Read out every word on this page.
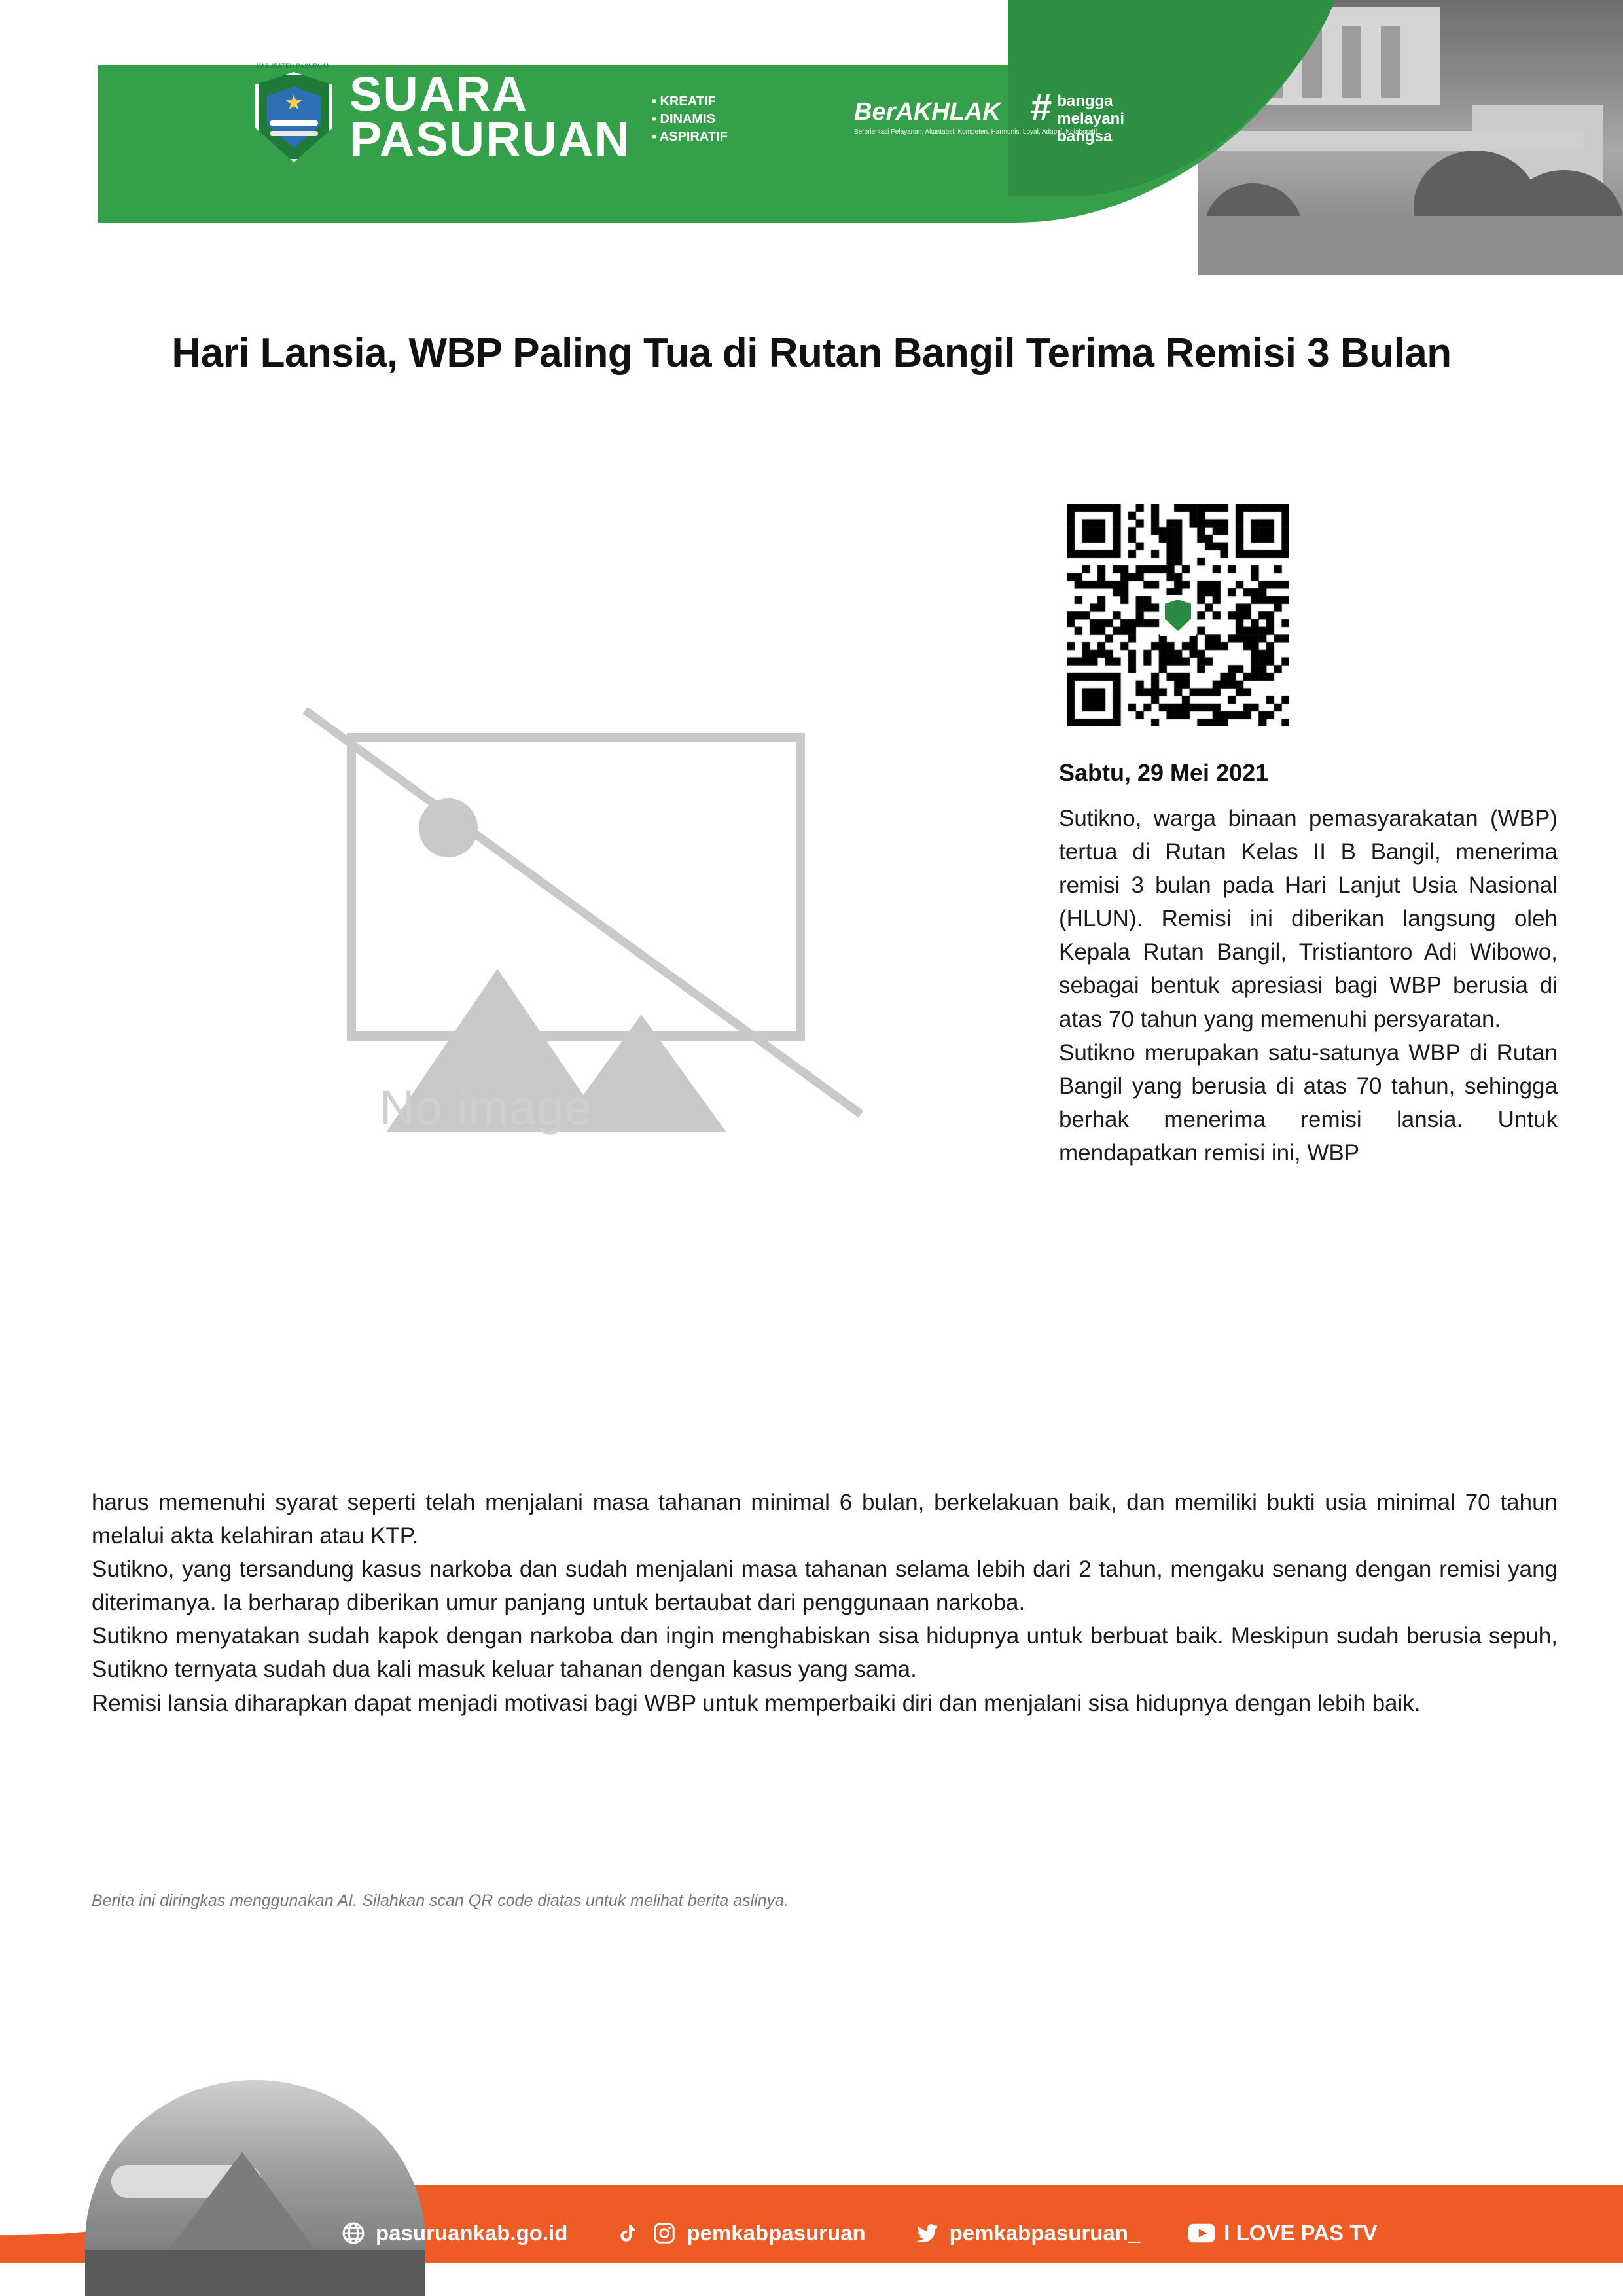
KABUPATEN PASURUAN
SUARA
PASURUAN
▪ KREATIF
▪ DINAMIS
▪ ASPIRATIF
BerAKHLAK
Berorientasi Pelayanan, Akuntabel, Kompeten, Harmonis, Loyal, Adaptif, Kolaboratif
# bangga
melayani
bangsa
Hari Lansia, WBP Paling Tua di Rutan Bangil Terima Remisi 3 Bulan
No image
Sabtu, 29 Mei 2021

Sutikno, warga binaan pemasyarakatan (WBP) tertua di Rutan Kelas II B Bangil, menerima remisi 3 bulan pada Hari Lanjut Usia Nasional (HLUN). Remisi ini diberikan langsung oleh Kepala Rutan Bangil, Tristiantoro Adi Wibowo, sebagai bentuk apresiasi bagi WBP berusia di atas 70 tahun yang memenuhi persyaratan.

Sutikno merupakan satu-satunya WBP di Rutan Bangil yang berusia di atas 70 tahun, sehingga berhak menerima remisi lansia. Untuk mendapatkan remisi ini, WBP

harus memenuhi syarat seperti telah menjalani masa tahanan minimal 6 bulan, berkelakuan baik, dan memiliki bukti usia minimal 70 tahun melalui akta kelahiran atau KTP.

Sutikno, yang tersandung kasus narkoba dan sudah menjalani masa tahanan selama lebih dari 2 tahun, mengaku senang dengan remisi yang diterimanya. Ia berharap diberikan umur panjang untuk bertaubat dari penggunaan narkoba.

Sutikno menyatakan sudah kapok dengan narkoba dan ingin menghabiskan sisa hidupnya untuk berbuat baik. Meskipun sudah berusia sepuh, Sutikno ternyata sudah dua kali masuk keluar tahanan dengan kasus yang sama.

Remisi lansia diharapkan dapat menjadi motivasi bagi WBP untuk memperbaiki diri dan menjalani sisa hidupnya dengan lebih baik.

Berita ini diringkas menggunakan AI. Silahkan scan QR code diatas untuk melihat berita aslinya.
pasuruankab.go.id	pemkabpasuruan	pemkabpasuruan_	I LOVE PAS TV
